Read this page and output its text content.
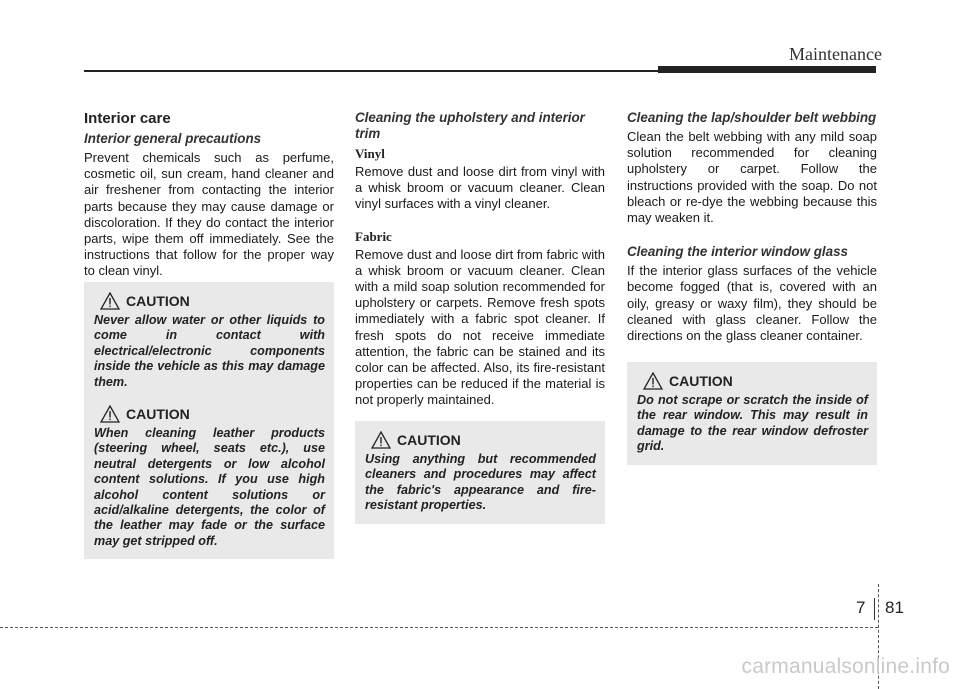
Maintenance
Interior care
Interior general precautions

Prevent chemicals such as perfume, cosmetic oil, sun cream, hand cleaner and air freshener from contacting the interior parts because they may cause damage or discoloration. If they do contact the interior parts, wipe them off immediately. See the instructions that follow for the proper way to clean vinyl.

CAUTION

Never allow water or other liquids to come in contact with electrical/electronic components inside the vehicle as this may damage them.

CAUTION

When cleaning leather products (steering wheel, seats etc.), use neutral detergents or low alcohol content solutions. If you use high alcohol content solutions or acid/alkaline detergents, the color of the leather may fade or the surface may get stripped off.

Cleaning the upholstery and interior trim
Vinyl

Remove dust and loose dirt from vinyl with a whisk broom or vacuum cleaner. Clean vinyl surfaces with a vinyl cleaner.

Fabric

Remove dust and loose dirt from fabric with a whisk broom or vacuum cleaner. Clean with a mild soap solution recommended for upholstery or carpets. Remove fresh spots immediately with a fabric spot cleaner. If fresh spots do not receive immediate attention, the fabric can be stained and its color can be affected. Also, its fire-resistant properties can be reduced if the material is not properly maintained.

CAUTION

Using anything but recommended cleaners and procedures may affect the fabric's appearance and fire-resistant properties.

Cleaning the lap/shoulder belt webbing

Clean the belt webbing with any mild soap solution recommended for cleaning upholstery or carpet. Follow the instructions provided with the soap. Do not bleach or re-dye the webbing because this may weaken it.

Cleaning the interior window glass

If the interior glass surfaces of the vehicle become fogged (that is, covered with an oily, greasy or waxy film), they should be cleaned with glass cleaner. Follow the directions on the glass cleaner container.

CAUTION

Do not scrape or scratch the inside of the rear window. This may result in damage to the rear window defroster grid.

7 81
carmanualsonline.info
